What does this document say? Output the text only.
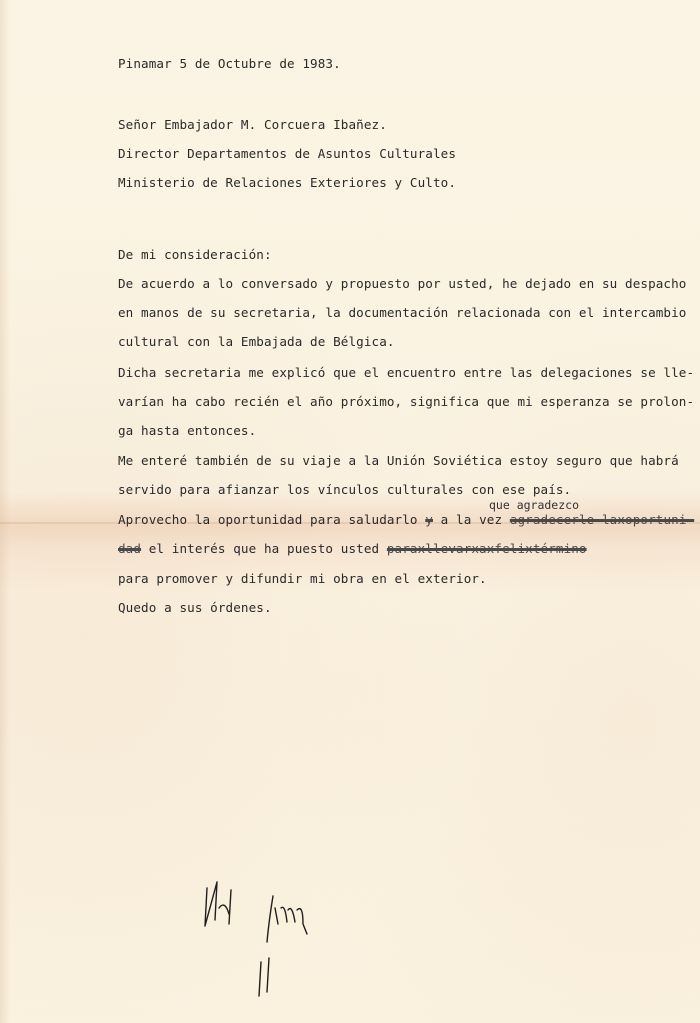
Pinamar 5 de Octubre de 1983.
Señor Embajador M. Corcuera Ibañez.
Director Departamentos de Asuntos Culturales
Ministerio de Relaciones Exteriores y Culto.
De mi consideración:
De acuerdo a lo conversado y propuesto por usted, he dejado en su despacho
en manos de su secretaria, la documentación relacionada con el intercambio
cultural con la Embajada de Bélgica.
Dicha secretaria me explicó que el encuentro entre las delegaciones se lle-
varían ha cabo recién el año próximo, significa que mi esperanza se prolon-
ga hasta entonces.
Me enteré también de su viaje a la Unión Soviética estoy seguro que habrá
servido para afianzar los vínculos culturales con ese país.
que agradezco
Aprovecho la oportunidad para saludarlo y a la vez agradecerle laxoportuni-
dad el interés que ha puesto usted paraxllevarxaxfelixtérmino
para promover y difundir mi obra en el exterior.
Quedo a sus órdenes.
